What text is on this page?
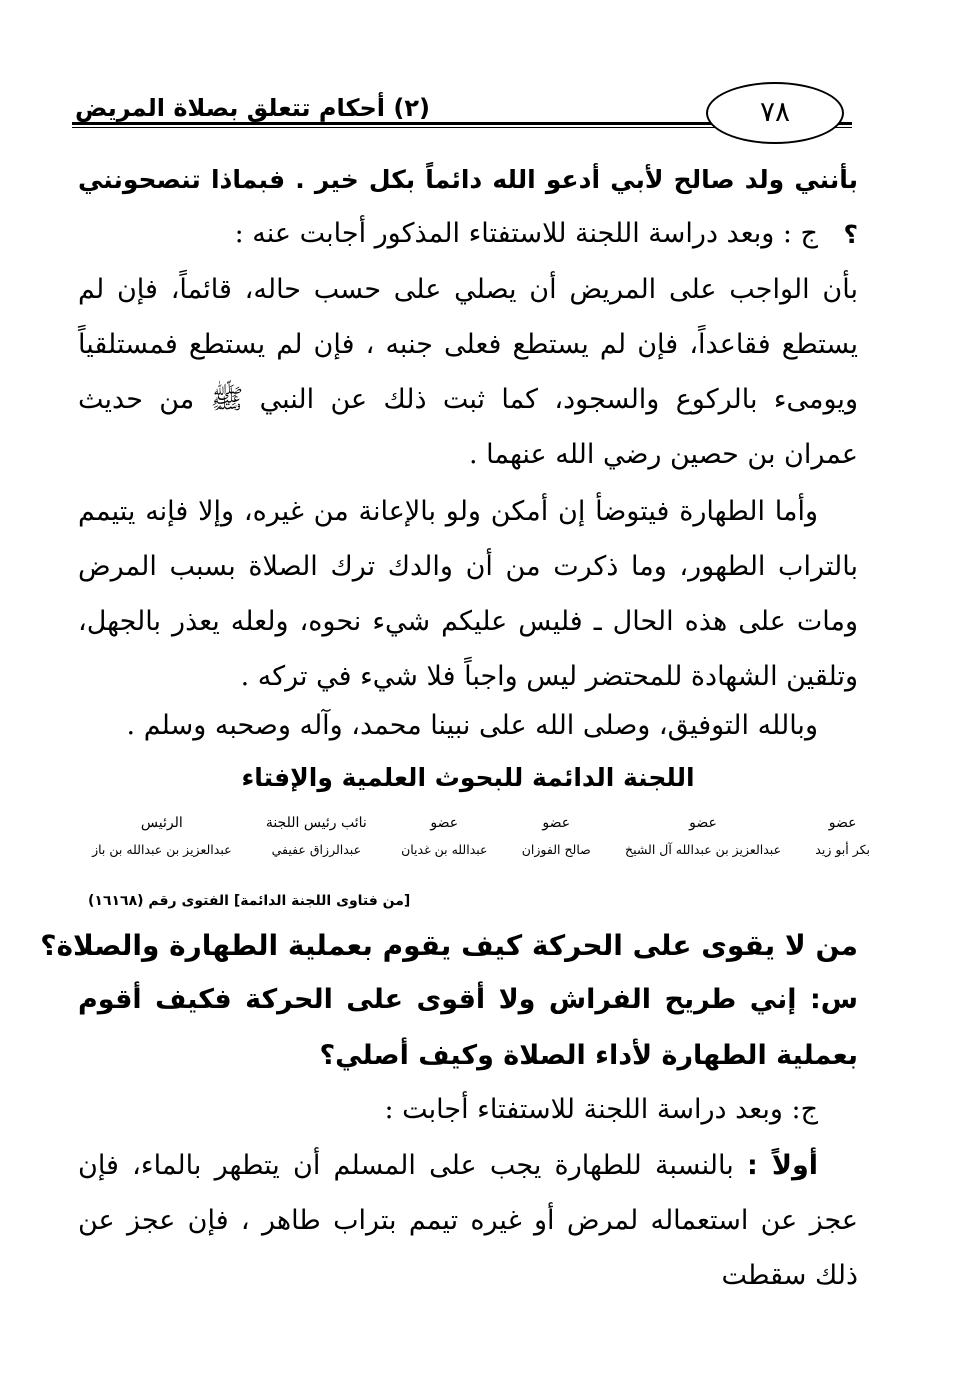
(٢) أحكام تتعلق بصلاة المريض	٧٨

بأنني ولد صالح لأبي أدعو الله دائماً بكل خير . فبماذا تنصحونني ؟

ج : وبعد دراسة اللجنة للاستفتاء المذكور أجابت عنه :

بأن الواجب على المريض أن يصلي على حسب حاله، قائماً، فإن لم يستطع فقاعداً، فإن لم يستطع فعلى جنبه ، فإن لم يستطع فمستلقياً ويومىء بالركوع والسجود، كما ثبت ذلك عن النبي ﷺ من حديث عمران بن حصين رضي الله عنهما .

وأما الطهارة فيتوضأ إن أمكن ولو بالإعانة من غيره، وإلا فإنه يتيمم بالتراب الطهور، وما ذكرت من أن والدك ترك الصلاة بسبب المرض ومات على هذه الحال ـ فليس عليكم شيء نحوه، ولعله يعذر بالجهل، وتلقين الشهادة للمحتضر ليس واجباً فلا شيء في تركه .

وبالله التوفيق، وصلى الله على نبينا محمد، وآله وصحبه وسلم .

اللجنة الدائمة للبحوث العلمية والإفتاء
عضو
بكر أبو زيد
عضو
عبدالعزيز بن عبدالله آل الشيخ
عضو
صالح الفوزان
عضو
عبدالله بن غديان
نائب رئيس اللجنة
عبدالرزاق عفيفي
الرئيس
عبدالعزيز بن عبدالله بن باز
[من فتاوى اللجنة الدائمة] الفتوى رقم (١٦١٦٨)
من لا يقوى على الحركة كيف يقوم بعملية الطهارة والصلاة؟

س: إني طريح الفراش ولا أقوى على الحركة فكيف أقوم بعملية الطهارة لأداء الصلاة وكيف أصلي؟

ج: وبعد دراسة اللجنة للاستفتاء أجابت :

أولاً : بالنسبة للطهارة يجب على المسلم أن يتطهر بالماء، فإن عجز عن استعماله لمرض أو غيره تيمم بتراب طاهر ، فإن عجز عن ذلك سقطت
